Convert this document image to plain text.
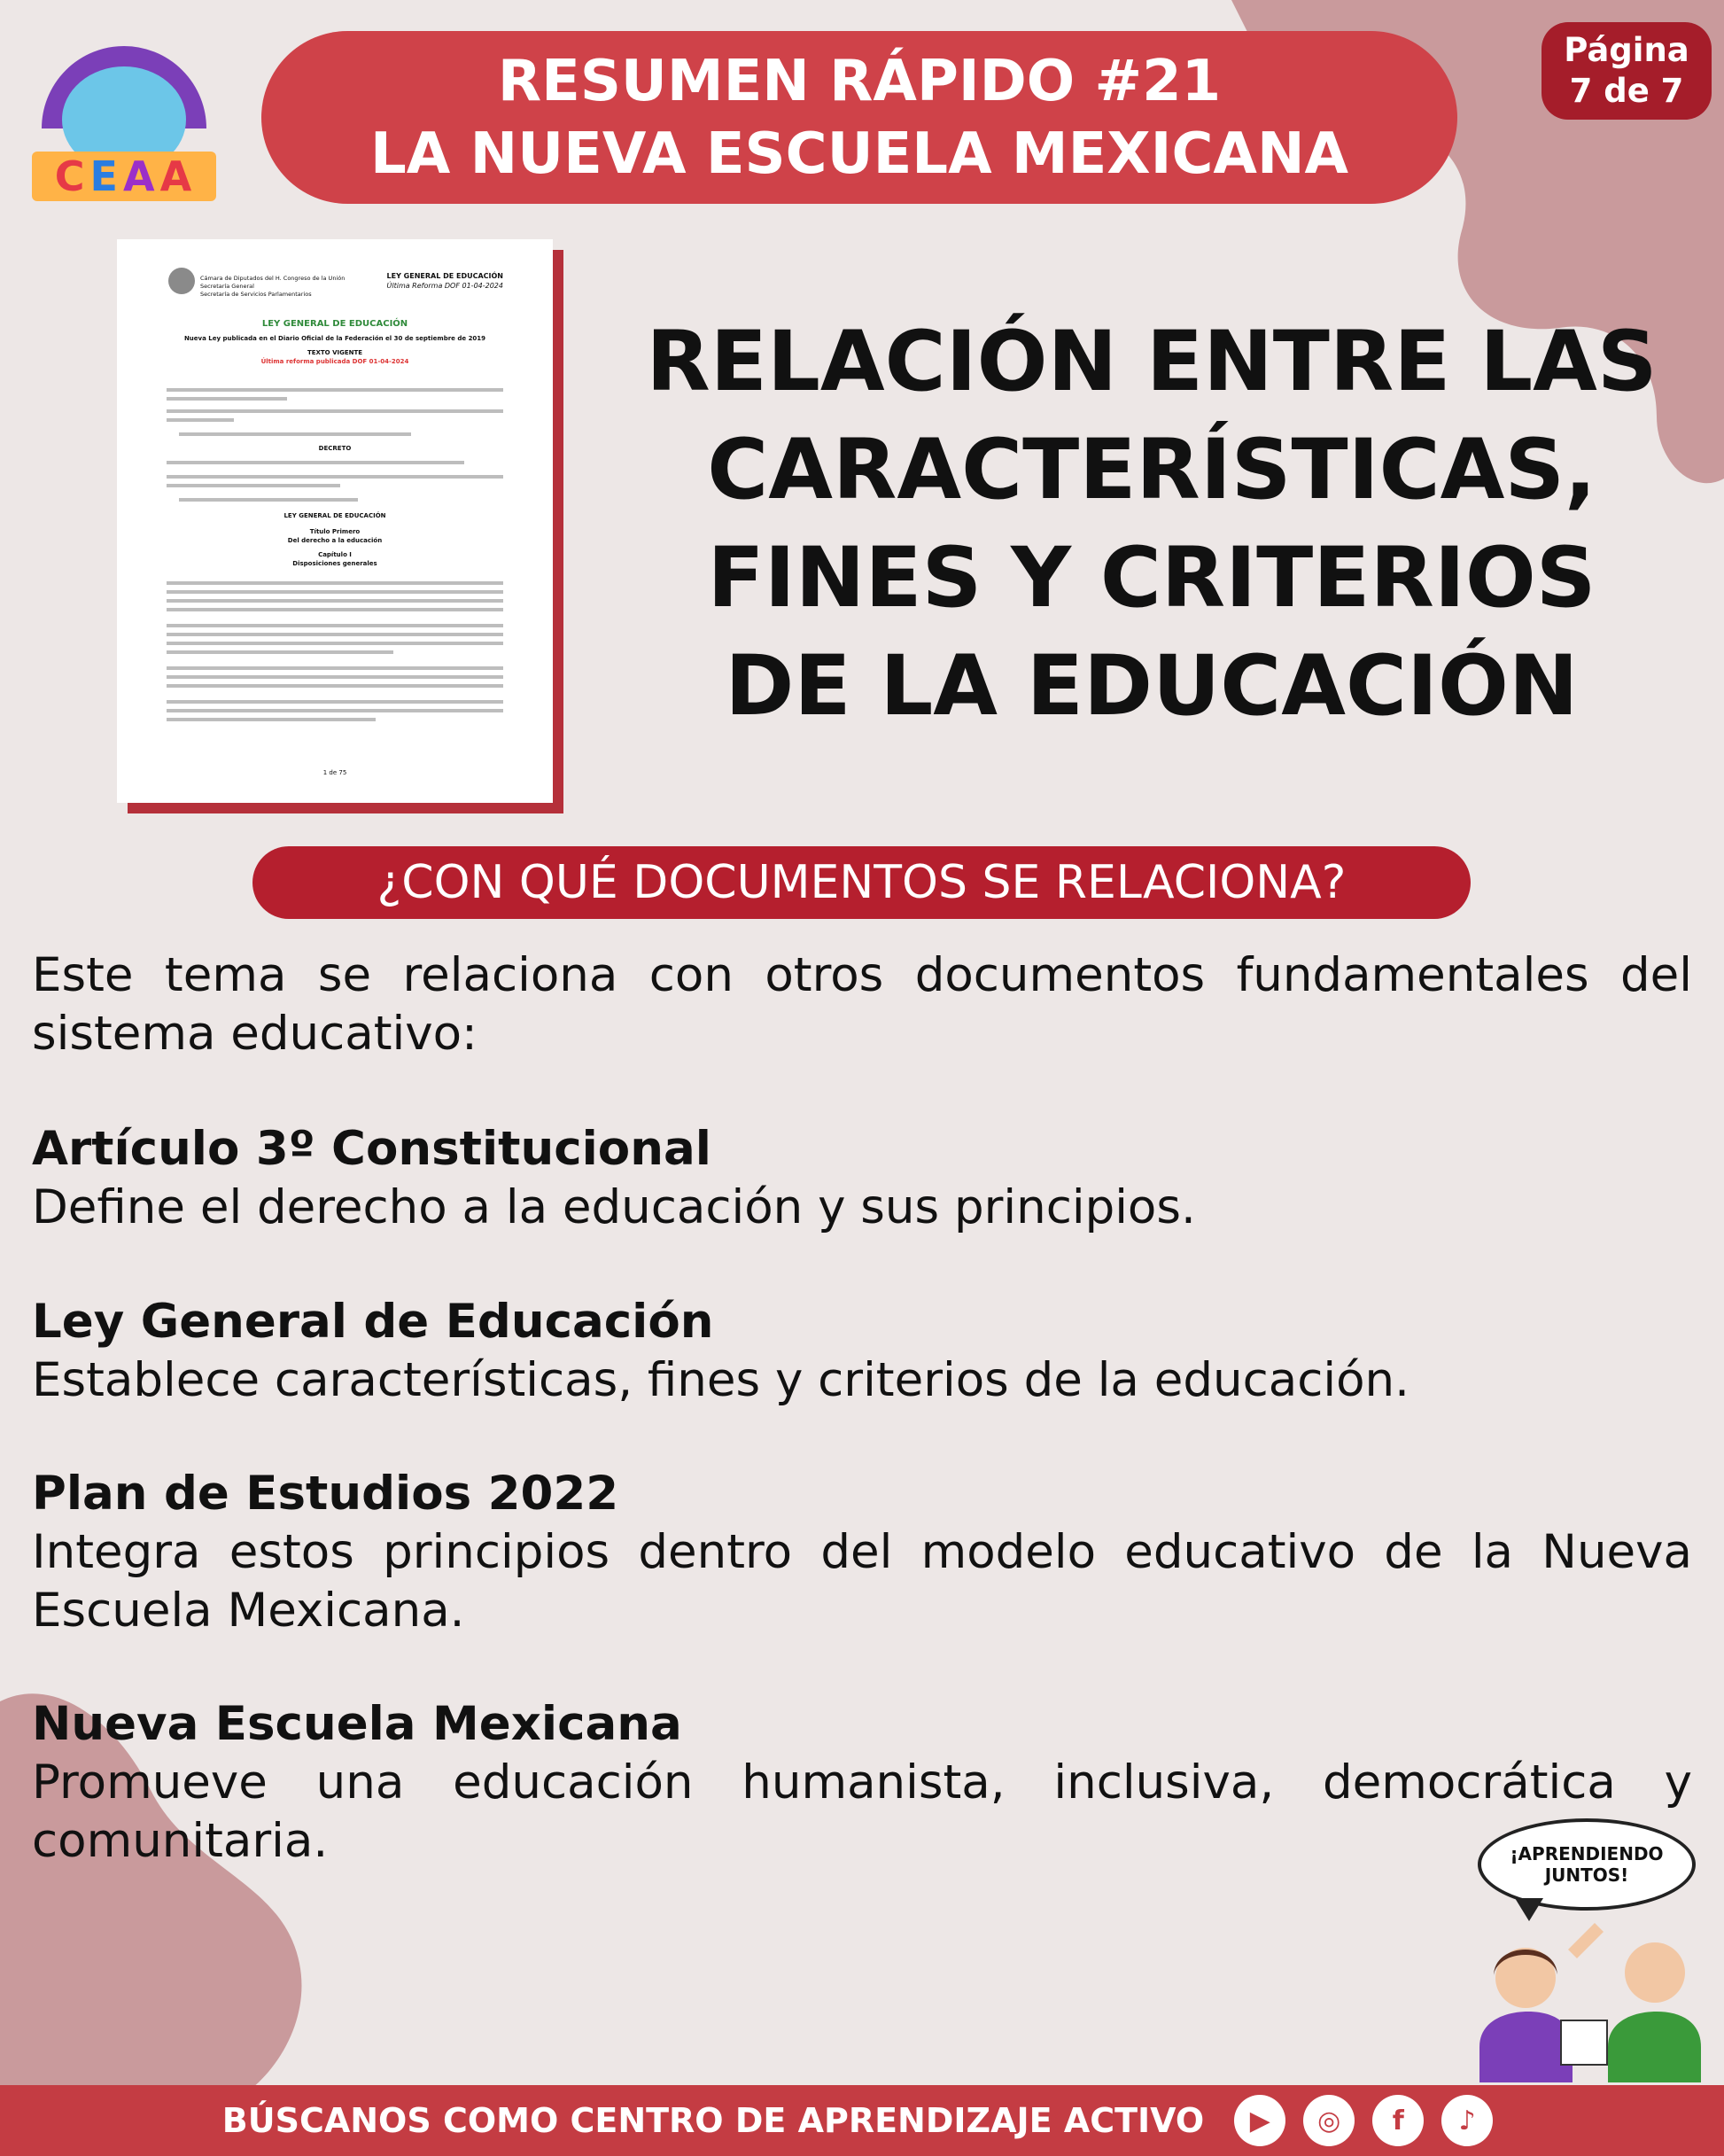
C E A A
RESUMEN RÁPIDO #21
LA NUEVA ESCUELA MEXICANA
Página
7 de 7
Cámara de Diputados del H. Congreso de la Unión
Secretaría General
Secretaría de Servicios Parlamentarios
LEY GENERAL DE EDUCACIÓN
Última Reforma DOF 01-04-2024
LEY GENERAL DE EDUCACIÓN
Nueva Ley publicada en el Diario Oficial de la Federación el 30 de septiembre de 2019
TEXTO VIGENTE
Última reforma publicada DOF 01-04-2024
DECRETO
LEY GENERAL DE EDUCACIÓN
Título Primero
Del derecho a la educación
Capítulo I
Disposiciones generales
1 de 75
RELACIÓN ENTRE LAS
CARACTERÍSTICAS,
FINES Y CRITERIOS
DE LA EDUCACIÓN
¿CON QUÉ DOCUMENTOS SE RELACIONA?
Este tema se relaciona con otros documentos fundamentales del sistema educativo:
Artículo 3º Constitucional
Define el derecho a la educación y sus principios.
Ley General de Educación
Establece características, fines y criterios de la educación.
Plan de Estudios 2022
Integra estos principios dentro del modelo educativo de la Nueva Escuela Mexicana.
Nueva Escuela Mexicana
Promueve una educación humanista, inclusiva, democrática y comunitaria.	¡APRENDIENDO
JUNTOS!
BÚSCANOS COMO CENTRO DE APRENDIZAJE ACTIVO	▶	◎	f	♪
